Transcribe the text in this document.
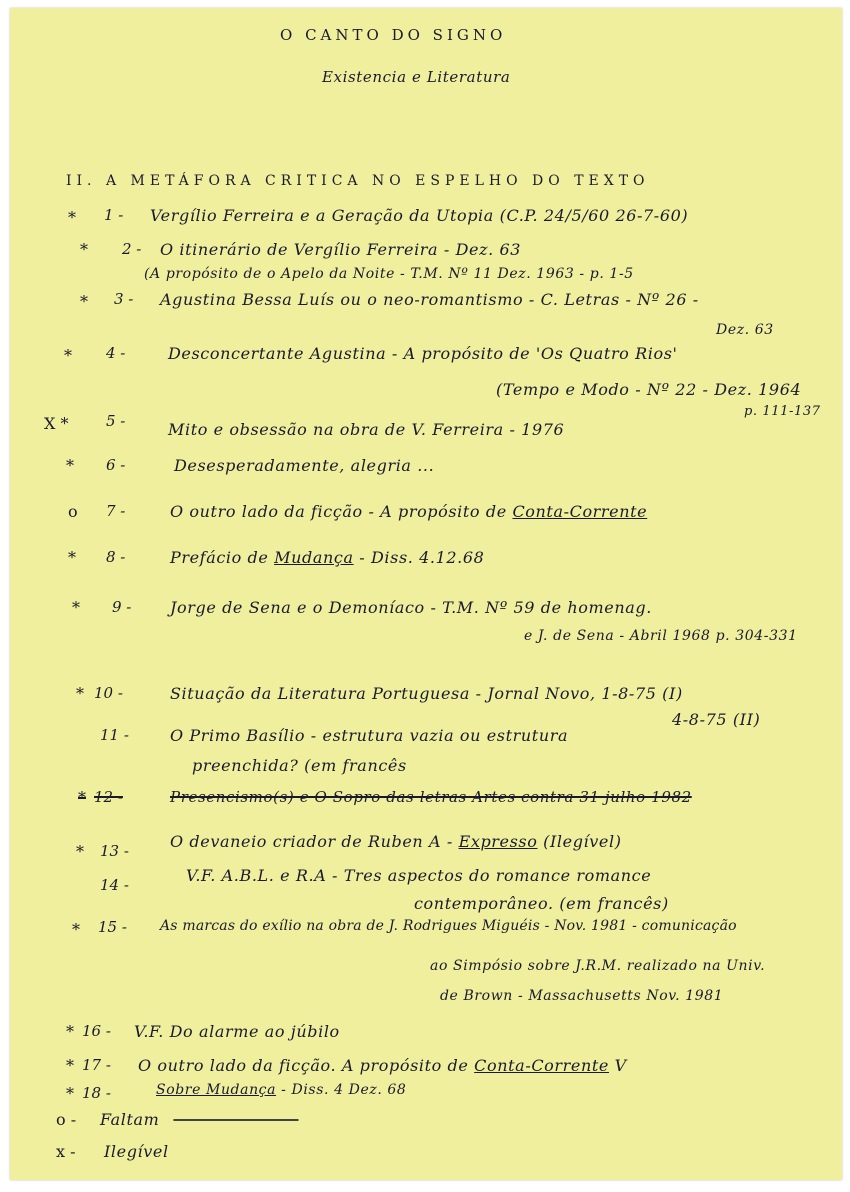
O CANTO DO SIGNO
Existencia e Literatura
II. A METÁFORA CRITICA NO ESPELHO DO TEXTO
* 1 - Vergílio Ferreira e a Geração da Utopia (C.P. 24/5/60 26-7-60)
* 2 - O itinerário de Vergílio Ferreira - Dez. 63
(A propósito de o Apelo da Noite - T.M. Nº 11 Dez. 1963 - p. 1-5
* 3 - Agustina Bessa Luís ou o neo-romantismo - C. Letras - Nº 26 -
Dez. 63
* 4 -	Desconcertante Agustina - A propósito de 'Os Quatro Rios'
(Tempo e Modo - Nº 22 - Dez. 1964
p. 111-137
X *	5 -	Mito e obsessão na obra de V. Ferreira - 1976
* 6 -	Desesperadamente, alegria ...
o 7 -	O outro lado da ficção - A propósito de Conta-Corrente
* 8 -	Prefácio de Mudança - Diss. 4.12.68
* 9 - Jorge de Sena e o Demoníaco - T.M. Nº 59 de homenag.
e J. de Sena - Abril 1968 p. 304-331
* 10 -	Situação da Literatura Portuguesa - Jornal Novo, 1-8-75 (I)
4-8-75 (II)
11 -	O Primo Basílio - estrutura vazia ou estrutura
preenchida? (em francês
* 12 -	Presencismo(s) e O Sopro das letras Artes contra 31 julho 1982
* 13 -	O devaneio criador de Ruben A - Expresso (Ilegível)
14 -	V.F. A.B.L. e R.A - Tres aspectos do romance romance
contemporâneo. (em francês)
* 15 - As marcas do exílio na obra de J. Rodrigues Miguéis - Nov. 1981 - comunicação
ao Simpósio sobre J.R.M. realizado na Univ.
de Brown - Massachusetts Nov. 1981
* 16 - V.F. Do alarme ao júbilo
* 17 - O outro lado da ficção. A propósito de Conta-Corrente V
* 18 -	Sobre Mudança - Diss. 4 Dez. 68
o - Faltam
x - Ilegível
